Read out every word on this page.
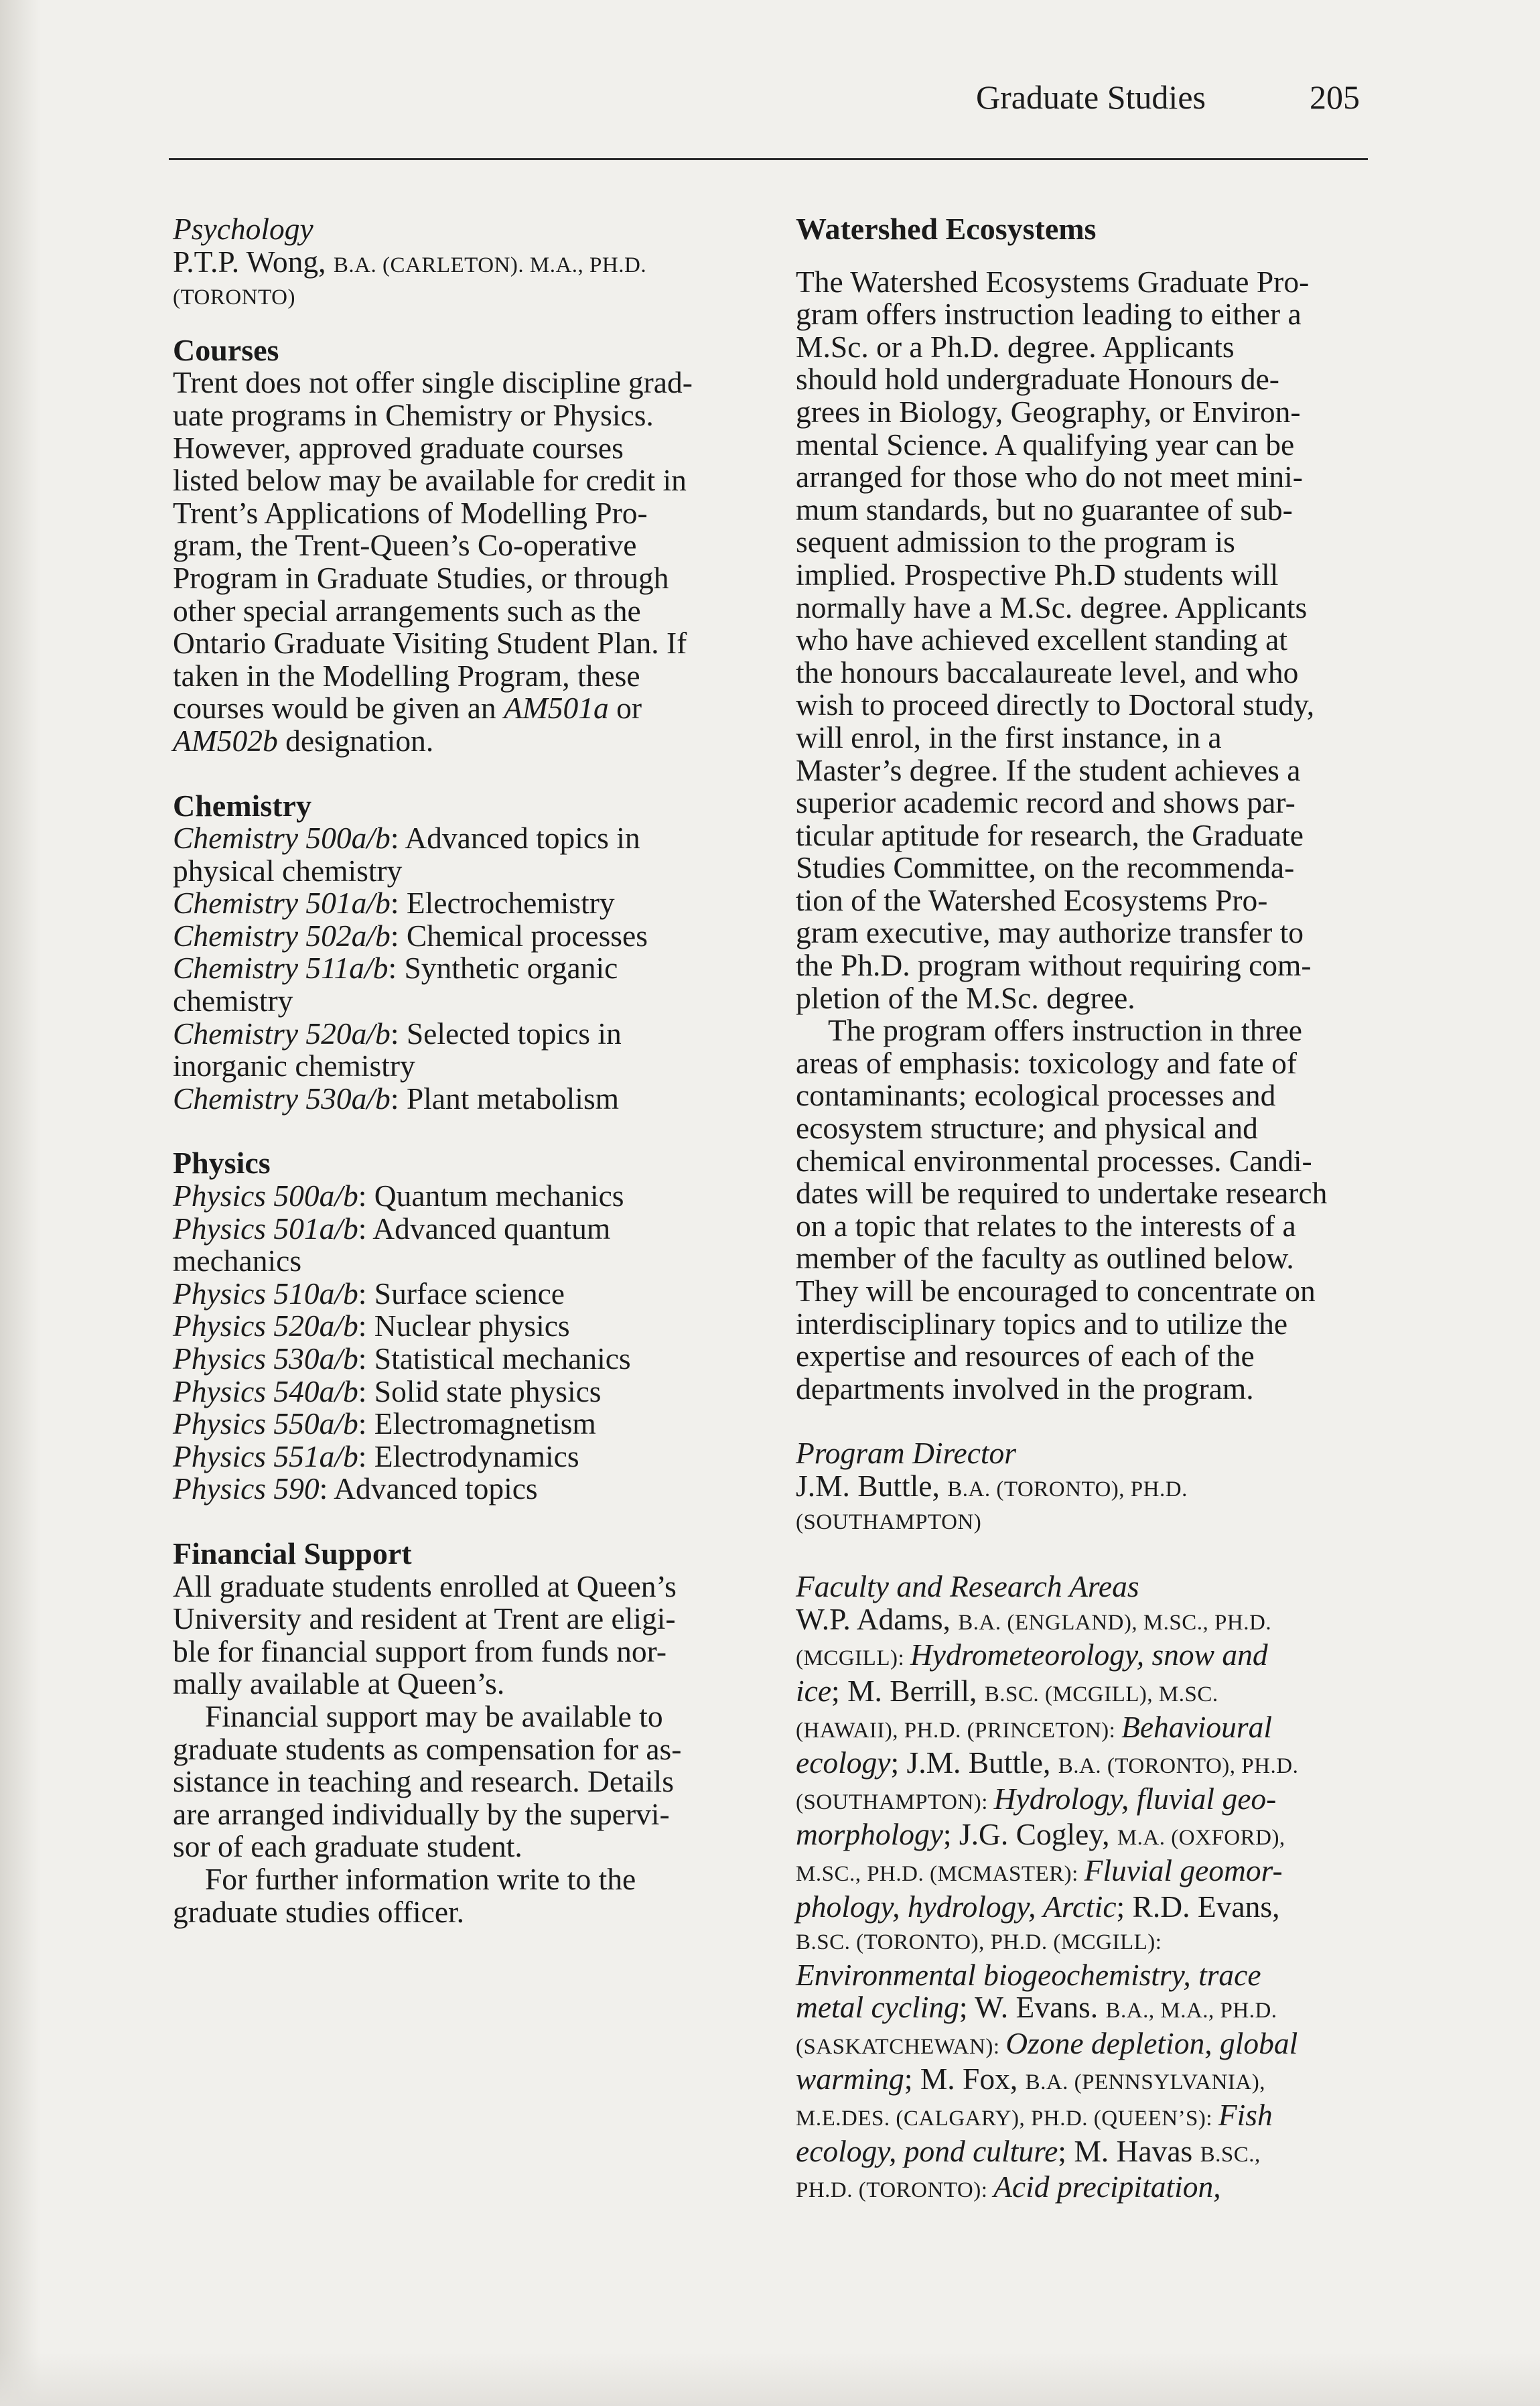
Graduate Studies	205

Psychology

P.T.P. Wong, B.A. (CARLETON). M.A., PH.D.

(TORONTO)

Courses

Trent does not offer single discipline grad-

uate programs in Chemistry or Physics.

However, approved graduate courses

listed below may be available for credit in

Trent’s Applications of Modelling Pro-

gram, the Trent-Queen’s Co-operative

Program in Graduate Studies, or through

other special arrangements such as the

Ontario Graduate Visiting Student Plan. If

taken in the Modelling Program, these

courses would be given an AM501a or

AM502b designation.

Chemistry

Chemistry 500a/b: Advanced topics in

physical chemistry

Chemistry 501a/b: Electrochemistry

Chemistry 502a/b: Chemical processes

Chemistry 511a/b: Synthetic organic

chemistry

Chemistry 520a/b: Selected topics in

inorganic chemistry

Chemistry 530a/b: Plant metabolism

Physics

Physics 500a/b: Quantum mechanics

Physics 501a/b: Advanced quantum

mechanics

Physics 510a/b: Surface science

Physics 520a/b: Nuclear physics

Physics 530a/b: Statistical mechanics

Physics 540a/b: Solid state physics

Physics 550a/b: Electromagnetism

Physics 551a/b: Electrodynamics

Physics 590: Advanced topics

Financial Support

All graduate students enrolled at Queen’s

University and resident at Trent are eligi-

ble for financial support from funds nor-

mally available at Queen’s.

Financial support may be available to

graduate students as compensation for as-

sistance in teaching and research. Details

are arranged individually by the supervi-

sor of each graduate student.

For further information write to the

graduate studies officer.

Watershed Ecosystems

The Watershed Ecosystems Graduate Pro-

gram offers instruction leading to either a

M.Sc. or a Ph.D. degree. Applicants

should hold undergraduate Honours de-

grees in Biology, Geography, or Environ-

mental Science. A qualifying year can be

arranged for those who do not meet mini-

mum standards, but no guarantee of sub-

sequent admission to the program is

implied. Prospective Ph.D students will

normally have a M.Sc. degree. Applicants

who have achieved excellent standing at

the honours baccalaureate level, and who

wish to proceed directly to Doctoral study,

will enrol, in the first instance, in a

Master’s degree. If the student achieves a

superior academic record and shows par-

ticular aptitude for research, the Graduate

Studies Committee, on the recommenda-

tion of the Watershed Ecosystems Pro-

gram executive, may authorize transfer to

the Ph.D. program without requiring com-

pletion of the M.Sc. degree.

The program offers instruction in three

areas of emphasis: toxicology and fate of

contaminants; ecological processes and

ecosystem structure; and physical and

chemical environmental processes. Candi-

dates will be required to undertake research

on a topic that relates to the interests of a

member of the faculty as outlined below.

They will be encouraged to concentrate on

interdisciplinary topics and to utilize the

expertise and resources of each of the

departments involved in the program.

Program Director

J.M. Buttle, B.A. (TORONTO), PH.D.

(SOUTHAMPTON)

Faculty and Research Areas

W.P. Adams, B.A. (ENGLAND), M.SC., PH.D.

(MCGILL): Hydrometeorology, snow and

ice; M. Berrill, B.SC. (MCGILL), M.SC.

(HAWAII), PH.D. (PRINCETON): Behavioural

ecology; J.M. Buttle, B.A. (TORONTO), PH.D.

(SOUTHAMPTON): Hydrology, fluvial geo-

morphology; J.G. Cogley, M.A. (OXFORD),

M.SC., PH.D. (MCMASTER): Fluvial geomor-

phology, hydrology, Arctic; R.D. Evans,

B.SC. (TORONTO), PH.D. (MCGILL):

Environmental biogeochemistry, trace

metal cycling; W. Evans. B.A., M.A., PH.D.

(SASKATCHEWAN): Ozone depletion, global

warming; M. Fox, B.A. (PENNSYLVANIA),

M.E.DES. (CALGARY), PH.D. (QUEEN’S): Fish

ecology, pond culture; M. Havas B.SC.,

PH.D. (TORONTO): Acid precipitation,
